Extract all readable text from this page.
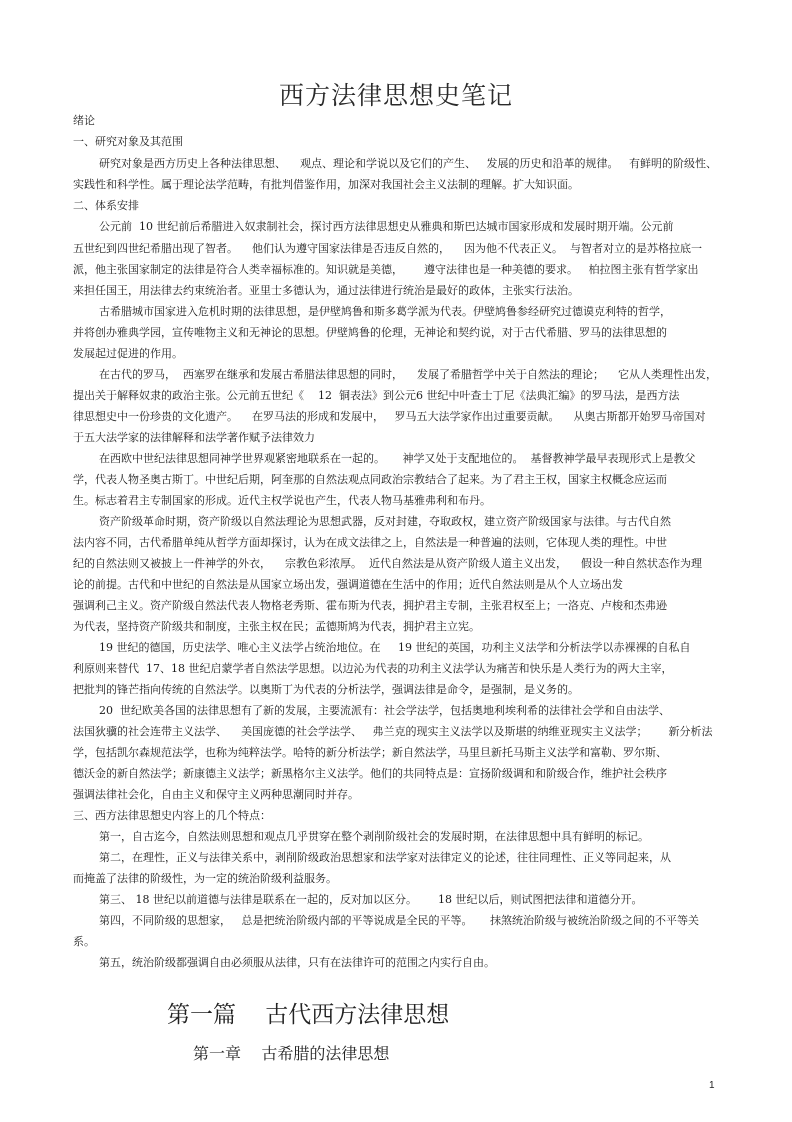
西方法律思想史笔记
绪论
一、研究对象及其范围
研究对象是西方历史上各种法律思想、    观点、理论和学说以及它们的产生、   发展的历史和沿革的规律。   有鲜明的阶级性、
实践性和科学性。属于理论法学范畴，有批判借鉴作用，加深对我国社会主义法制的理解。扩大知识面。
二、体系安排
公元前  10 世纪前后希腊进入奴隶制社会，探讨西方法律思想史从雅典和斯巴达城市国家形成和发展时期开端。公元前
五世纪到四世纪希腊出现了智者。    他们认为遵守国家法律是否违反自然的，    因为他不代表正义。  与智者对立的是苏格拉底一
派，他主张国家制定的法律是符合人类幸福标准的。知识就是美德，      遵守法律也是一种美德的要求。   柏拉图主张有哲学家出
来担任国王，用法律去约束统治者。亚里士多德认为，通过法律进行统治是最好的政体，主张实行法治。
古希腊城市国家进入危机时期的法律思想，是伊壁鸠鲁和斯多葛学派为代表。伊壁鸠鲁参经研究过德谟克利特的哲学，
并将创办雅典学园，宣传唯物主义和无神论的思想。伊壁鸠鲁的伦理，无神论和契约说，对于古代希腊、罗马的法律思想的
发展起过促进的作用。
在古代的罗马，  西塞罗在继承和发展古希腊法律思想的同时，    发展了希腊哲学中关于自然法的理论；    它从人类理性出发，
提出关于解释奴隶的政治主张。公元前五世纪《    12  铜表法》到公元6 世纪中叶查士丁尼《法典汇编》的罗马法，是西方法
律思想史中一份珍贵的文化遗产。    在罗马法的形成和发展中，   罗马五大法学家作出过重要贡献。    从奥古斯都开始罗马帝国对
于五大法学家的法律解释和法学著作赋予法律效力
在西欧中世纪法律思想同神学世界观紧密地联系在一起的。     神学又处于支配地位的。  基督教神学最早表现形式上是教父
学，代表人物圣奥古斯丁。中世纪后期，阿奎那的自然法观点同政治宗教结合了起来。为了君主王权，国家主权概念应运而
生。标志着君主专制国家的形成。近代主权学说也产生，代表人物马基雅弗利和布丹。
资产阶级革命时期，资产阶级以自然法理论为思想武器，反对封建，夺取政权，建立资产阶级国家与法律。与古代自然
法内容不同，古代希腊单纯从哲学方面却探讨，认为在成文法律之上，自然法是一种普遍的法则，它体现人类的理性。中世
纪的自然法则又被披上一件神学的外衣，    宗教色彩浓厚。  近代自然法是从资产阶级人道主义出发，    假设一种自然状态作为理
论的前提。古代和中世纪的自然法是从国家立场出发，强调道德在生活中的作用；近代自然法则是从个人立场出发
强调利己主义。资产阶级自然法代表人物格老秀斯、霍布斯为代表，拥护君主专制，主张君权至上；一洛克、卢梭和杰弗逊
为代表，坚持资产阶级共和制度，主张主权在民；孟德斯鸠为代表，拥护君主立宪。
19 世纪的德国，历史法学、唯心主义法学占统治地位。在     19 世纪的英国，功利主义法学和分析法学以赤裸裸的自私自
利原则来替代  17、18 世纪启蒙学者自然法学思想。以边沁为代表的功利主义法学认为痛苦和快乐是人类行为的两大主宰，
把批判的锋芒指向传统的自然法学。以奥斯丁为代表的分析法学，强调法律是命令，是强制，是义务的。
20  世纪欧美各国的法律思想有了新的发展，主要流派有：社会学法学，包括奥地利埃利希的法律社会学和自由法学、
法国狄骥的社会连带主义法学、    美国庞德的社会学法学、   弗兰克的现实主义法学以及斯堪的纳维亚现实主义法学；      新分析法
学，包括凯尔森规范法学，也称为纯粹法学。哈特的新分析法学；新自然法学，马里旦新托马斯主义法学和富勒、罗尔斯、
德沃金的新自然法学；新康德主义法学；新黑格尔主义法学。他们的共同特点是：宣扬阶级调和和阶级合作，维护社会秩序
强调法律社会化，自由主义和保守主义两种思潮同时并存。
三、西方法律思想史内容上的几个特点：
第一，自古迄今，自然法则思想和观点几乎贯穿在整个剥削阶级社会的发展时期，在法律思想中具有鲜明的标记。
第二，在理性，正义与法律关系中，剥削阶级政治思想家和法学家对法律定义的论述，往往同理性、正义等同起来，从
而掩盖了法律的阶级性，为一定的统治阶级利益服务。
第三、 18 世纪以前道德与法律是联系在一起的，反对加以区分。      18 世纪以后，则试图把法律和道德分开。
第四，不同阶级的思想家，   总是把统治阶级内部的平等说成是全民的平等。     抹煞统治阶级与被统治阶级之间的不平等关
系。
第五，统治阶级都强调自由必须服从法律，只有在法律许可的范围之内实行自由。
第一篇    古代西方法律思想
第一章    古希腊的法律思想
1
